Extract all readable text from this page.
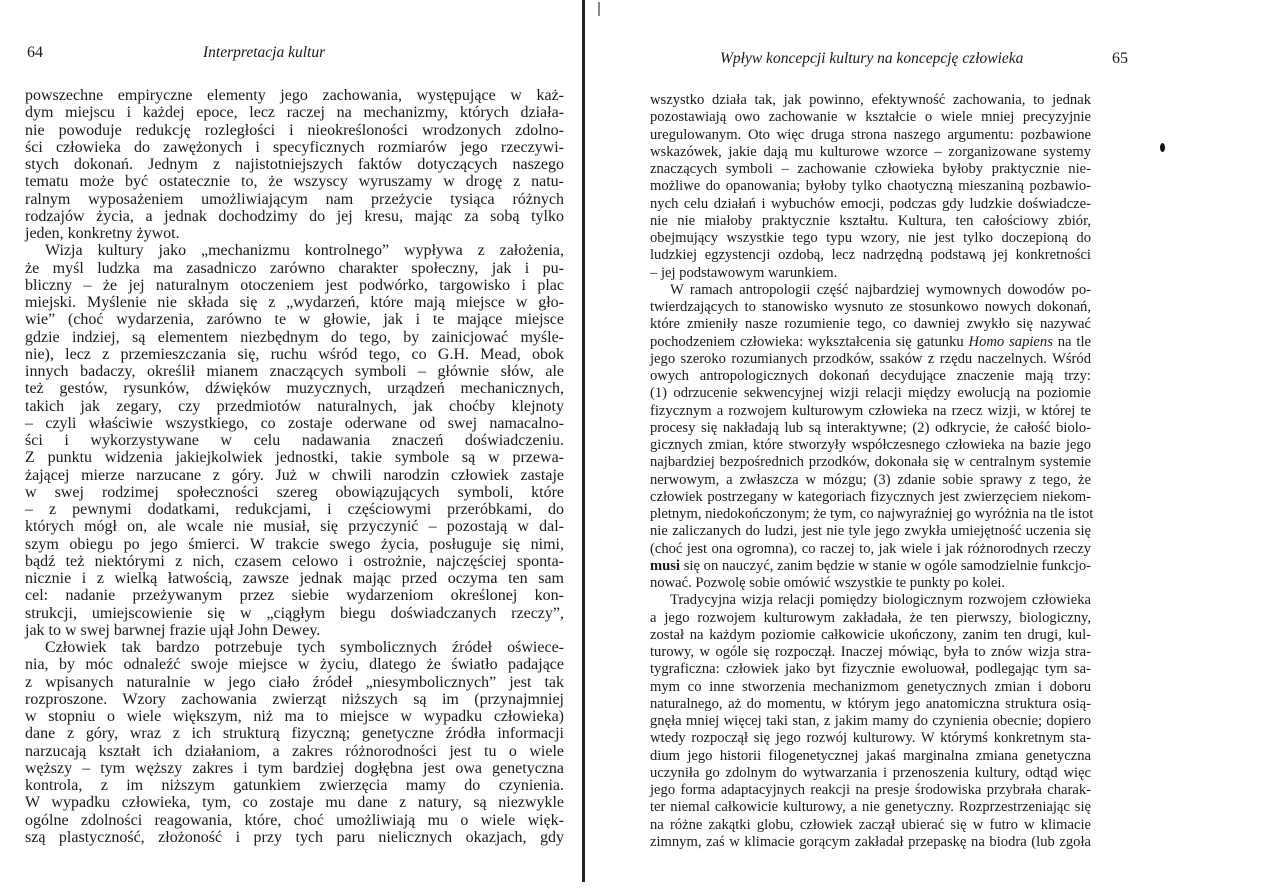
64	Interpretacja kultur	Wpływ koncepcji kultury na koncepcję człowieka	65
powszechne empiryczne elementy jego zachowania, występujące w każ-
dym miejscu i każdej epoce, lecz raczej na mechanizmy, których działa-
nie powoduje redukcję rozległości i nieokreśloności wrodzonych zdolno-
ści człowieka do zawężonych i specyficznych rozmiarów jego rzeczywi-
stych dokonań. Jednym z najistotniejszych faktów dotyczących naszego
tematu może być ostatecznie to, że wszyscy wyruszamy w drogę z natu-
ralnym wyposażeniem umożliwiającym nam przeżycie tysiąca różnych
rodzajów życia, a jednak dochodzimy do jej kresu, mając za sobą tylko
jeden, konkretny żywot.
Wizja kultury jako „mechanizmu kontrolnego” wypływa z założenia,
że myśl ludzka ma zasadniczo zarówno charakter społeczny, jak i pu-
bliczny – że jej naturalnym otoczeniem jest podwórko, targowisko i plac
miejski. Myślenie nie składa się z „wydarzeń, które mają miejsce w gło-
wie” (choć wydarzenia, zarówno te w głowie, jak i te mające miejsce
gdzie indziej, są elementem niezbędnym do tego, by zainicjować myśle-
nie), lecz z przemieszczania się, ruchu wśród tego, co G.H. Mead, obok
innych badaczy, określił mianem znaczących symboli – głównie słów, ale
też gestów, rysunków, dźwięków muzycznych, urządzeń mechanicznych,
takich jak zegary, czy przedmiotów naturalnych, jak choćby klejnoty
– czyli właściwie wszystkiego, co zostaje oderwane od swej namacalno-
ści i wykorzystywane w celu nadawania znaczeń doświadczeniu.
Z punktu widzenia jakiejkolwiek jednostki, takie symbole są w przewa-
żającej mierze narzucane z góry. Już w chwili narodzin człowiek zastaje
w swej rodzimej społeczności szereg obowiązujących symboli, które
– z pewnymi dodatkami, redukcjami, i częściowymi przeróbkami, do
których mógł on, ale wcale nie musiał, się przyczynić – pozostają w dal-
szym obiegu po jego śmierci. W trakcie swego życia, posługuje się nimi,
bądź też niektórymi z nich, czasem celowo i ostrożnie, najczęściej sponta-
nicznie i z wielką łatwością, zawsze jednak mając przed oczyma ten sam
cel: nadanie przeżywanym przez siebie wydarzeniom określonej kon-
strukcji, umiejscowienie się w „ciągłym biegu doświadczanych rzeczy”,
jak to w swej barwnej frazie ujął John Dewey.
Człowiek tak bardzo potrzebuje tych symbolicznych źródeł oświece-
nia, by móc odnaleźć swoje miejsce w życiu, dlatego że światło padające
z wpisanych naturalnie w jego ciało źródeł „niesymbolicznych” jest tak
rozproszone. Wzory zachowania zwierząt niższych są im (przynajmniej
w stopniu o wiele większym, niż ma to miejsce w wypadku człowieka)
dane z góry, wraz z ich strukturą fizyczną; genetyczne źródła informacji
narzucają kształt ich działaniom, a zakres różnorodności jest tu o wiele
węższy – tym węższy zakres i tym bardziej dogłębna jest owa genetyczna
kontrola, z im niższym gatunkiem zwierzęcia mamy do czynienia.
W wypadku człowieka, tym, co zostaje mu dane z natury, są niezwykle
ogólne zdolności reagowania, które, choć umożliwiają mu o wiele więk-
szą plastyczność, złożoność i przy tych paru nielicznych okazjach, gdy
wszystko działa tak, jak powinno, efektywność zachowania, to jednak
pozostawiają owo zachowanie w kształcie o wiele mniej precyzyjnie
uregulowanym. Oto więc druga strona naszego argumentu: pozbawione
wskazówek, jakie dają mu kulturowe wzorce – zorganizowane systemy
znaczących symboli – zachowanie człowieka byłoby praktycznie nie-
możliwe do opanowania; byłoby tylko chaotyczną mieszaniną pozbawio-
nych celu działań i wybuchów emocji, podczas gdy ludzkie doświadcze-
nie nie miałoby praktycznie kształtu. Kultura, ten całościowy zbiór,
obejmujący wszystkie tego typu wzory, nie jest tylko doczepioną do
ludzkiej egzystencji ozdobą, lecz nadrzędną podstawą jej konkretności
– jej podstawowym warunkiem.
W ramach antropologii część najbardziej wymownych dowodów po-
twierdzających to stanowisko wysnuto ze stosunkowo nowych dokonań,
które zmieniły nasze rozumienie tego, co dawniej zwykło się nazywać
pochodzeniem człowieka: wykształcenia się gatunku Homo sapiens na tle
jego szeroko rozumianych przodków, ssaków z rzędu naczelnych. Wśród
owych antropologicznych dokonań decydujące znaczenie mają trzy:
(1) odrzucenie sekwencyjnej wizji relacji między ewolucją na poziomie
fizycznym a rozwojem kulturowym człowieka na rzecz wizji, w której te
procesy się nakładają lub są interaktywne; (2) odkrycie, że całość biolo-
gicznych zmian, które stworzyły współczesnego człowieka na bazie jego
najbardziej bezpośrednich przodków, dokonała się w centralnym systemie
nerwowym, a zwłaszcza w mózgu; (3) zdanie sobie sprawy z tego, że
człowiek postrzegany w kategoriach fizycznych jest zwierzęciem niekom-
pletnym, niedokończonym; że tym, co najwyraźniej go wyróżnia na tle istot
nie zaliczanych do ludzi, jest nie tyle jego zwykła umiejętność uczenia się
(choć jest ona ogromna), co raczej to, jak wiele i jak różnorodnych rzeczy
musi się on nauczyć, zanim będzie w stanie w ogóle samodzielnie funkcjo-
nować. Pozwolę sobie omówić wszystkie te punkty po kolei.
Tradycyjna wizja relacji pomiędzy biologicznym rozwojem człowieka
a jego rozwojem kulturowym zakładała, że ten pierwszy, biologiczny,
został na każdym poziomie całkowicie ukończony, zanim ten drugi, kul-
turowy, w ogóle się rozpoczął. Inaczej mówiąc, była to znów wizja stra-
tygraficzna: człowiek jako byt fizycznie ewoluował, podlegając tym sa-
mym co inne stworzenia mechanizmom genetycznych zmian i doboru
naturalnego, aż do momentu, w którym jego anatomiczna struktura osią-
gnęła mniej więcej taki stan, z jakim mamy do czynienia obecnie; dopiero
wtedy rozpoczął się jego rozwój kulturowy. W którymś konkretnym sta-
dium jego historii filogenetycznej jakaś marginalna zmiana genetyczna
uczyniła go zdolnym do wytwarzania i przenoszenia kultury, odtąd więc
jego forma adaptacyjnych reakcji na presje środowiska przybrała charak-
ter niemal całkowicie kulturowy, a nie genetyczny. Rozprzestrzeniając się
na różne zakątki globu, człowiek zaczął ubierać się w futro w klimacie
zimnym, zaś w klimacie gorącym zakładał przepaskę na biodra (lub zgoła
